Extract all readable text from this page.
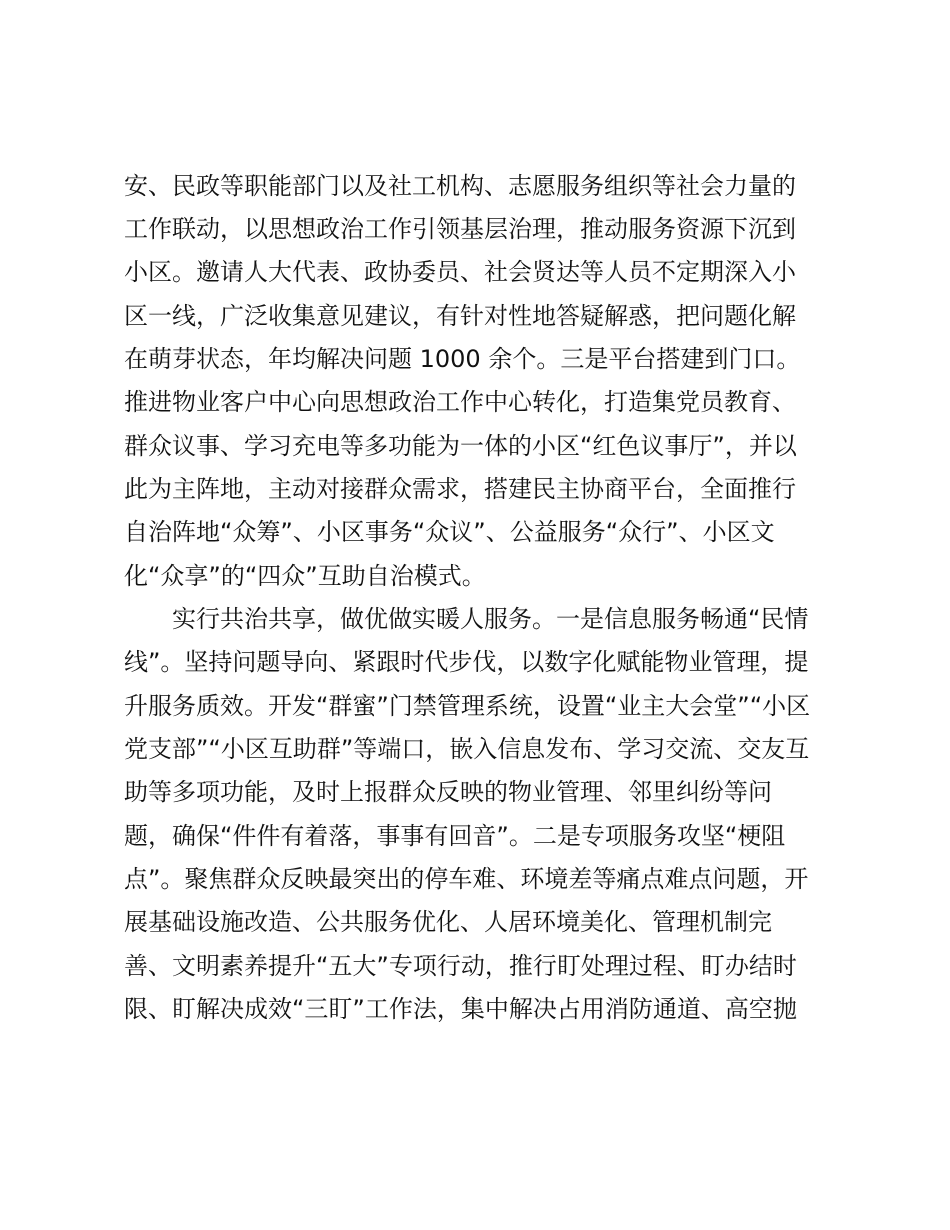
安、民政等职能部门以及社工机构、志愿服务组织等社会力量的
工作联动，以思想政治工作引领基层治理，推动服务资源下沉到
小区。邀请人大代表、政协委员、社会贤达等人员不定期深入小
区一线，广泛收集意见建议，有针对性地答疑解惑，把问题化解
在萌芽状态，年均解决问题 1000 余个。三是平台搭建到门口。
推进物业客户中心向思想政治工作中心转化，打造集党员教育、
群众议事、学习充电等多功能为一体的小区“红色议事厅”，并以
此为主阵地，主动对接群众需求，搭建民主协商平台，全面推行
自治阵地“众筹”、小区事务“众议”、公益服务“众行”、小区文
化“众享”的“四众”互助自治模式。
实行共治共享，做优做实暖人服务。一是信息服务畅通“民情
线”。坚持问题导向、紧跟时代步伐，以数字化赋能物业管理，提
升服务质效。开发“群蜜”门禁管理系统，设置“业主大会堂”“小区
党支部”“小区互助群”等端口，嵌入信息发布、学习交流、交友互
助等多项功能，及时上报群众反映的物业管理、邻里纠纷等问
题，确保“件件有着落，事事有回音”。二是专项服务攻坚“梗阻
点”。聚焦群众反映最突出的停车难、环境差等痛点难点问题，开
展基础设施改造、公共服务优化、人居环境美化、管理机制完
善、文明素养提升“五大”专项行动，推行盯处理过程、盯办结时
限、盯解决成效“三盯”工作法，集中解决占用消防通道、高空抛
